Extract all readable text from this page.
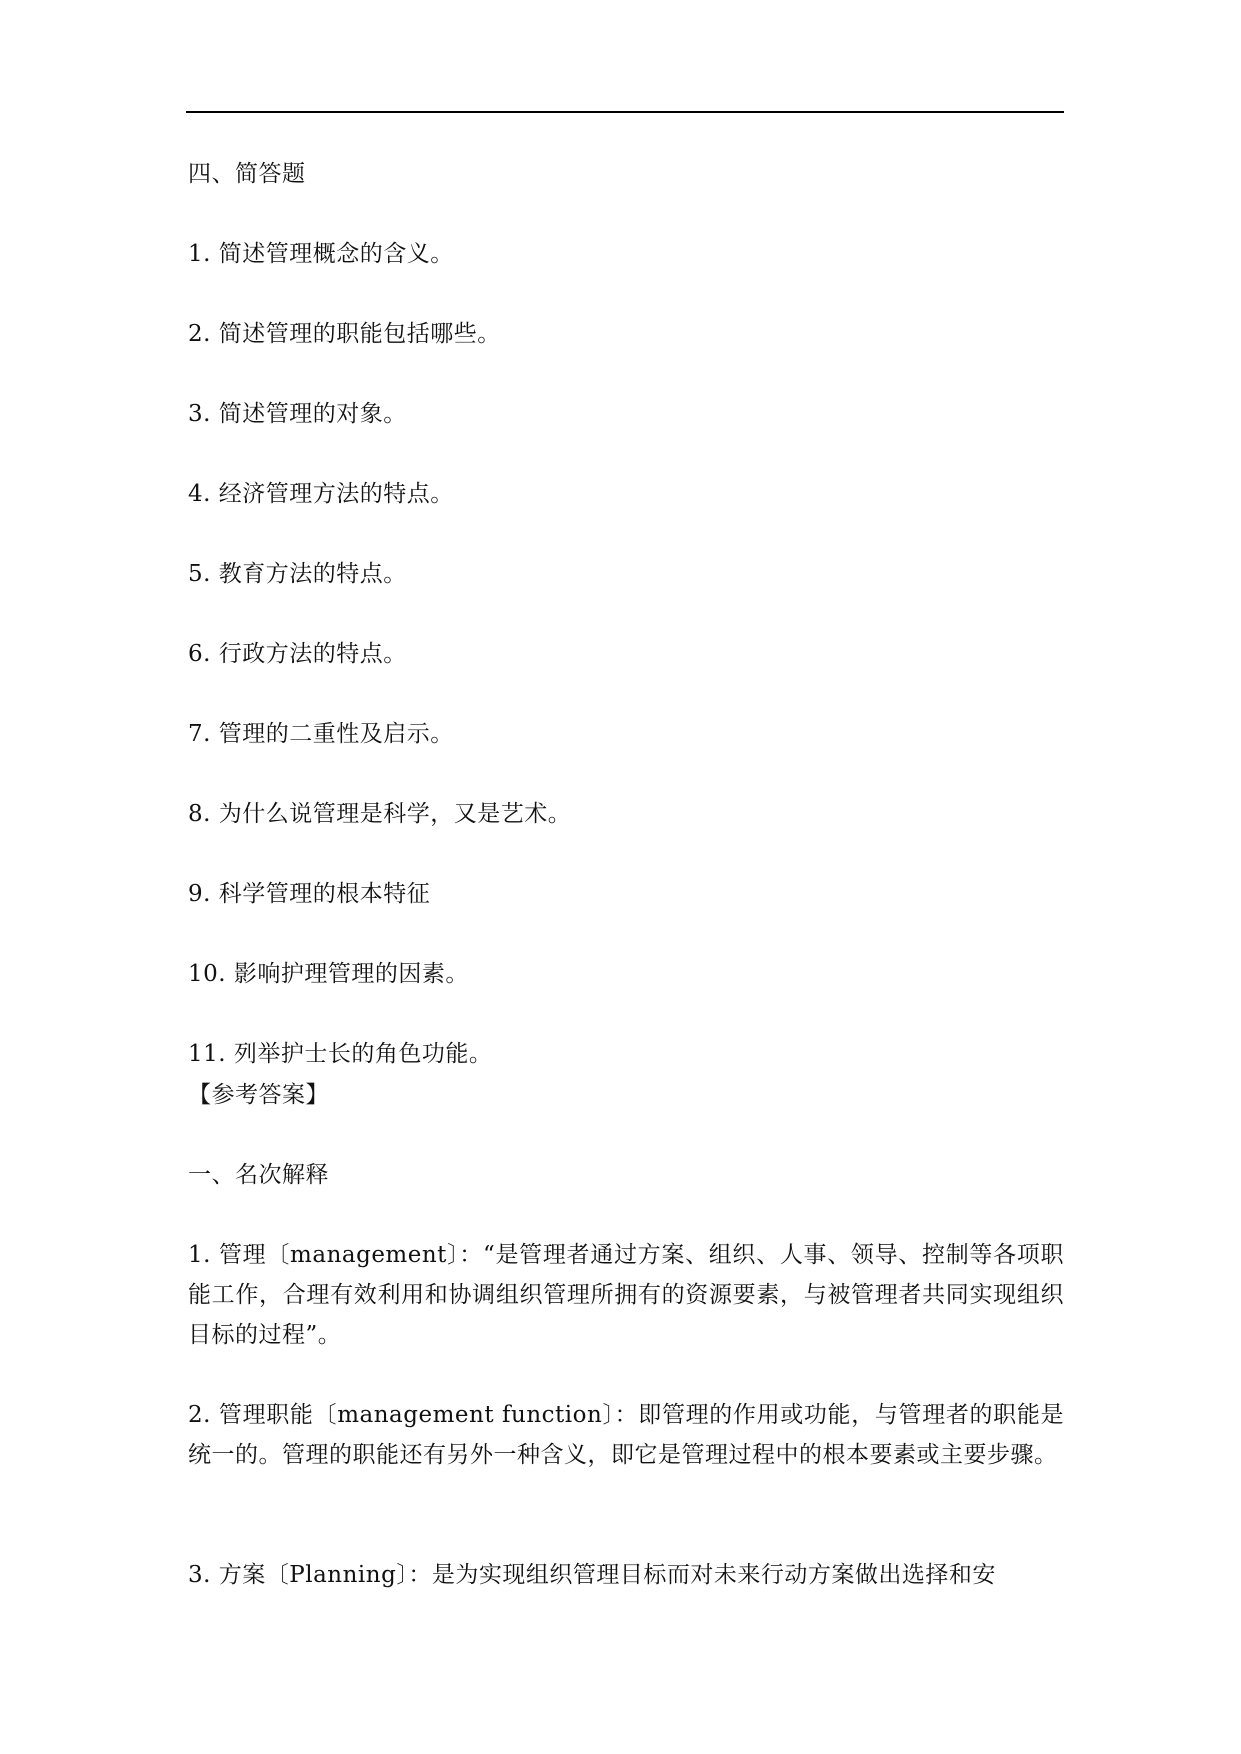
四、简答题
1. 简述管理概念的含义。
2. 简述管理的职能包括哪些。
3. 简述管理的对象。
4. 经济管理方法的特点。
5. 教育方法的特点。
6. 行政方法的特点。
7. 管理的二重性及启示。
8. 为什么说管理是科学，又是艺术。
9. 科学管理的根本特征
10. 影响护理管理的因素。
11. 列举护士长的角色功能。
【参考答案】
一、名次解释
1. 管理〔management〕：“是管理者通过方案、组织、人事、领导、控制等各项职能工作，合理有效利用和协调组织管理所拥有的资源要素，与被管理者共同实现组织目标的过程”。
2. 管理职能〔management function〕：即管理的作用或功能，与管理者的职能是统一的。管理的职能还有另外一种含义，即它是管理过程中的根本要素或主要步骤。
3. 方案〔Planning〕：是为实现组织管理目标而对未来行动方案做出选择和安
